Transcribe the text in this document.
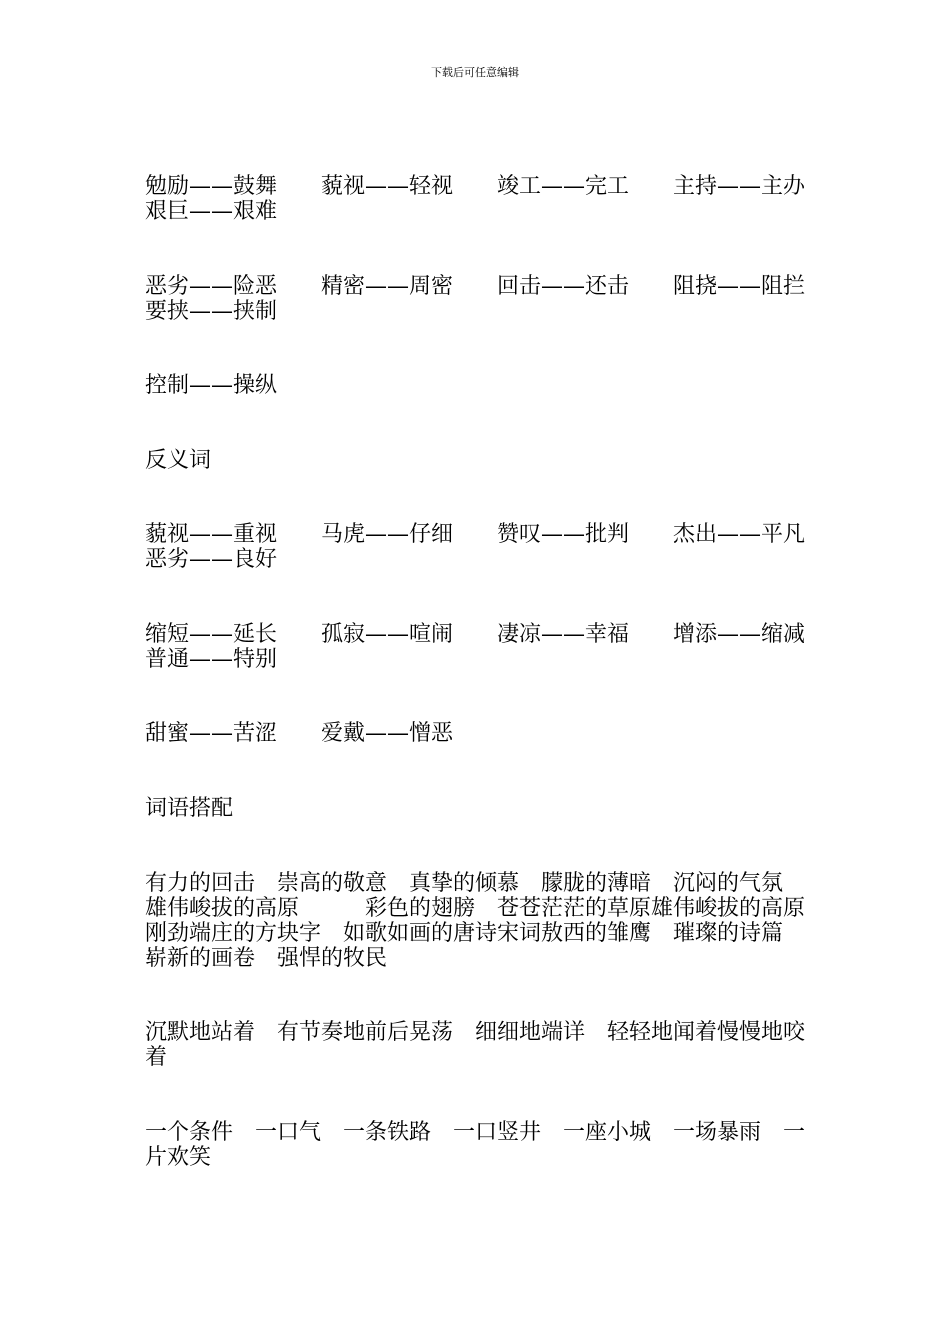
下载后可任意编辑

勉励——鼓舞　　藐视——轻视　　竣工——完工　　主持——主办　　艰巨——艰难

恶劣——险恶　　精密——周密　　回击——还击　　阻挠——阻拦　　要挟——挟制

控制——操纵

反义词

藐视——重视　　马虎——仔细　　赞叹——批判　　杰出——平凡　　恶劣——良好

缩短——延长　　孤寂——喧闹　　凄凉——幸福　　增添——缩减　　普通——特别

甜蜜——苦涩　　爱戴——憎恶

词语搭配

有力的回击　崇高的敬意　真挚的倾慕　朦胧的薄暗　沉闷的气氛　雄伟峻拔的高原　　　彩色的翅膀　苍苍茫茫的草原雄伟峻拔的高原　刚劲端庄的方块字　如歌如画的唐诗宋词敖西的雏鹰　璀璨的诗篇　崭新的画卷　强悍的牧民

沉默地站着　有节奏地前后晃荡　细细地端详　轻轻地闻着慢慢地咬着

一个条件　一口气　一条铁路　一口竖井　一座小城　一场暴雨　一片欢笑
